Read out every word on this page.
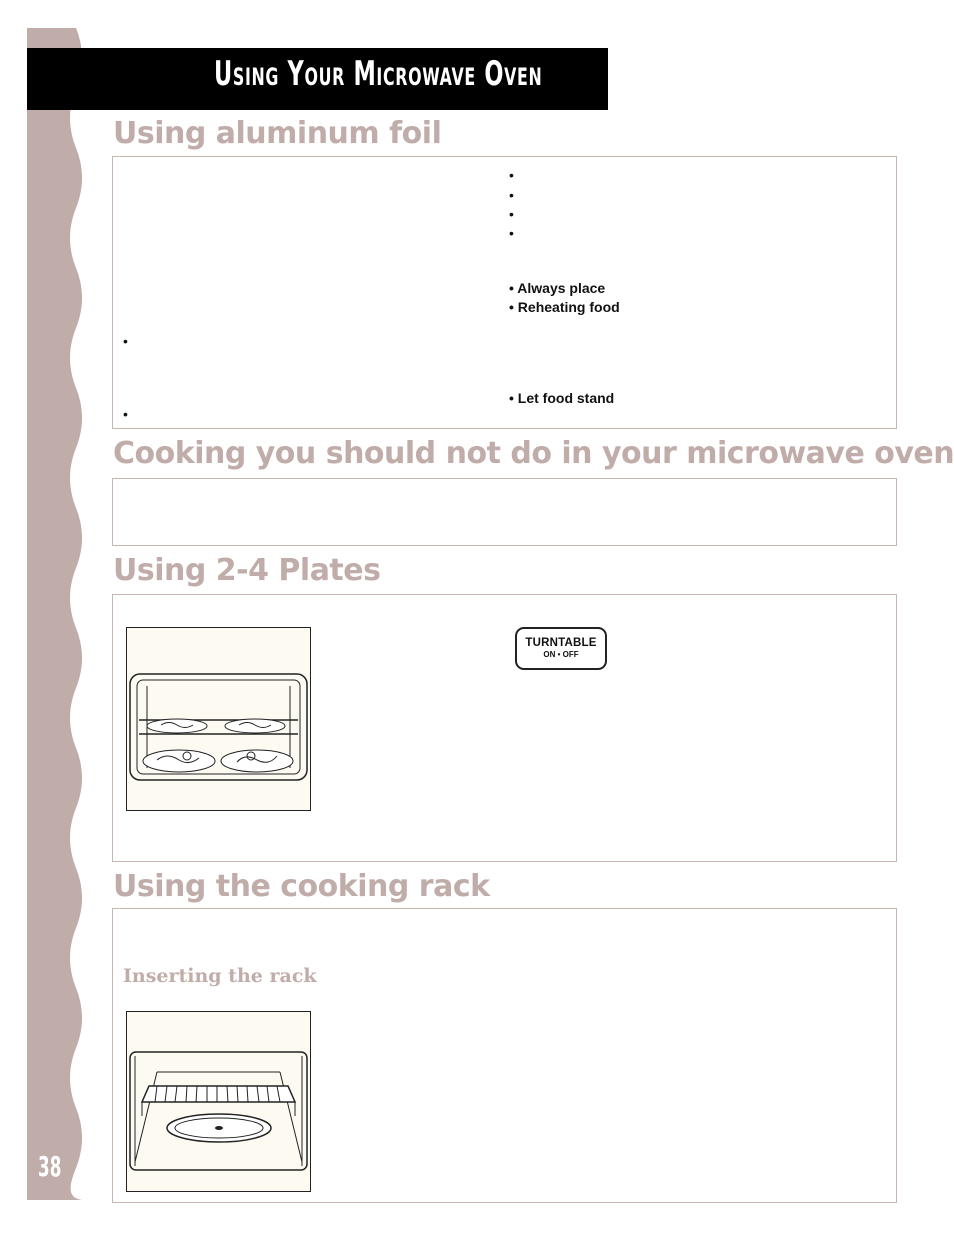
Using Your Microwave Oven
Using aluminum foil
•
•
•
•
• Always place
• Reheating food
•
• Let food stand
•
Cooking you should not do in your microwave oven
Using 2-4 Plates
TURNTABLE
ON • OFF
Using the cooking rack
Inserting the rack
38
